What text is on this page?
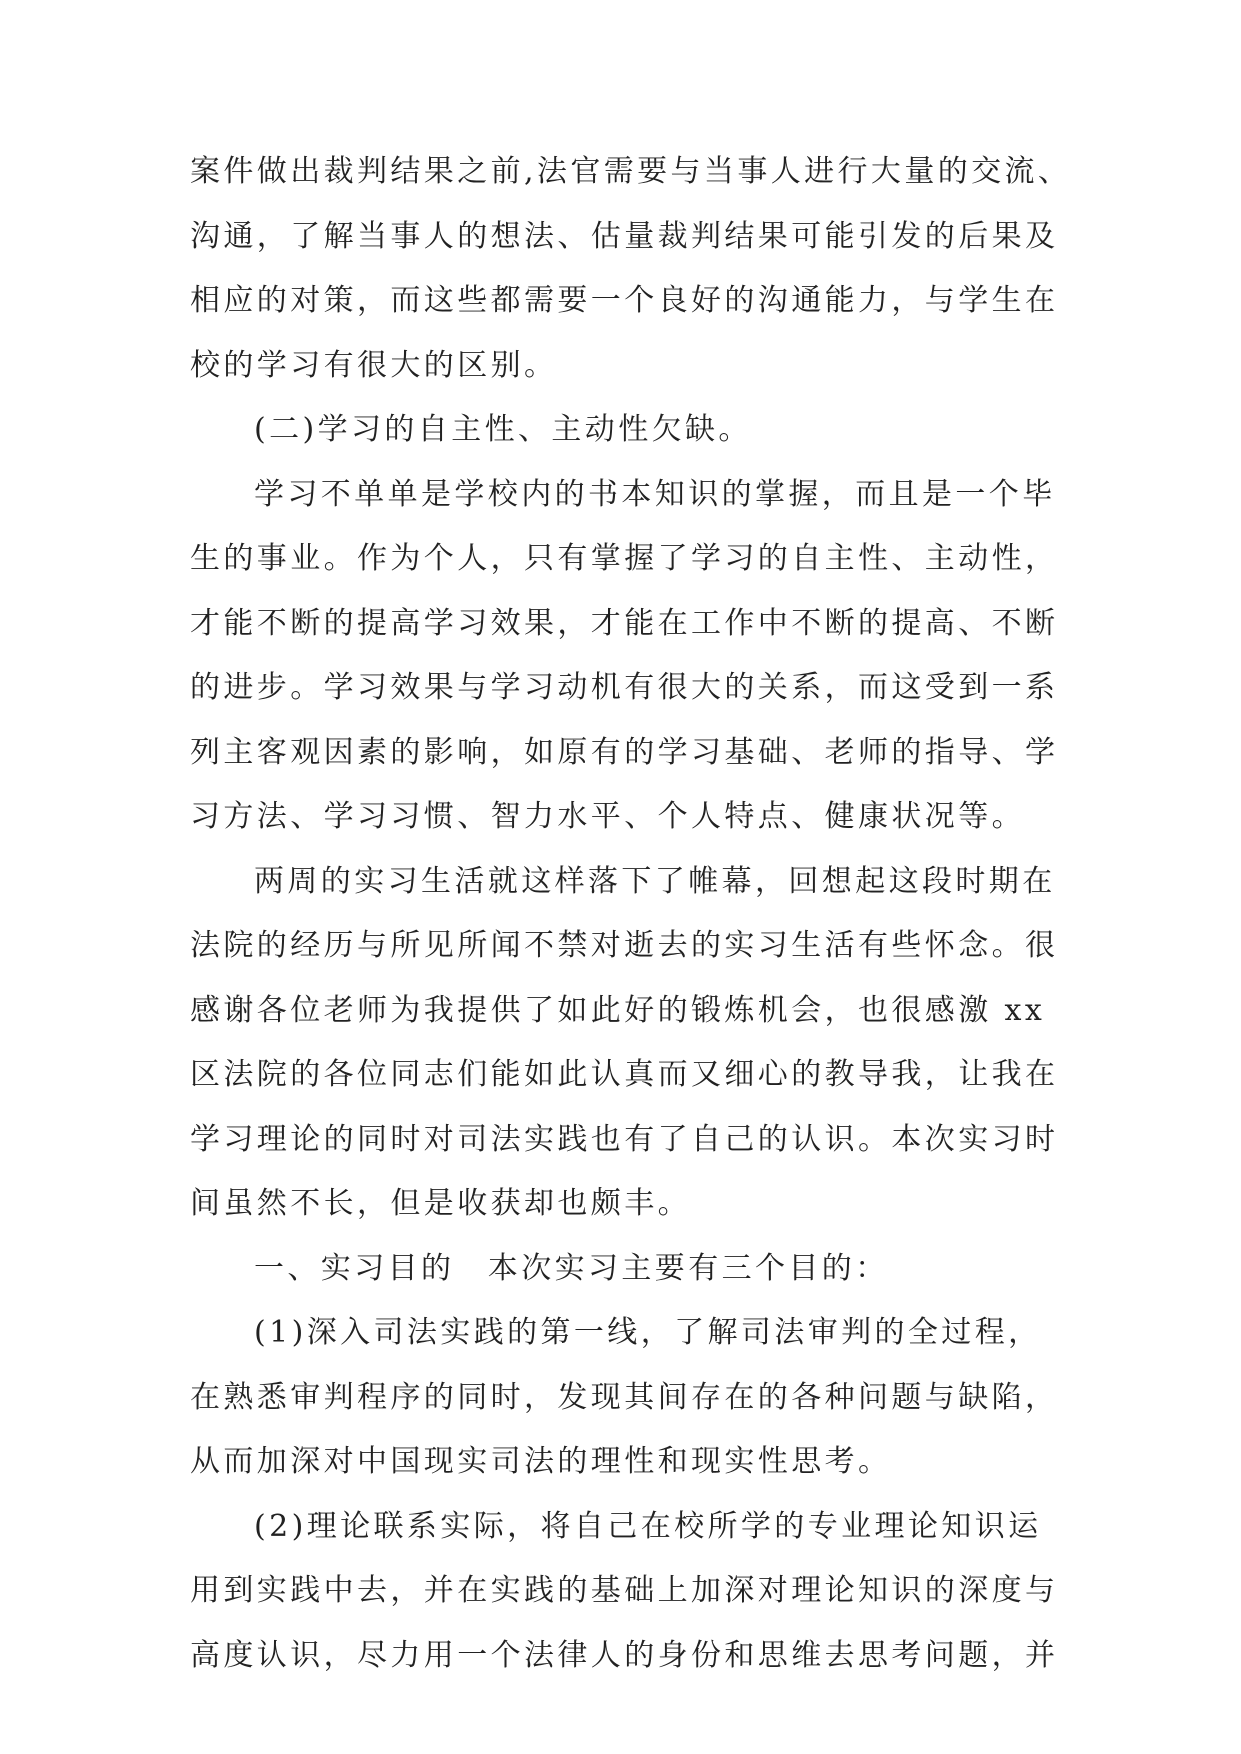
案件做出裁判结果之前,法官需要与当事人进行大量的交流、
沟通，了解当事人的想法、估量裁判结果可能引发的后果及
相应的对策，而这些都需要一个良好的沟通能力，与学生在
校的学习有很大的区别。
(二)学习的自主性、主动性欠缺。
学习不单单是学校内的书本知识的掌握，而且是一个毕
生的事业。作为个人，只有掌握了学习的自主性、主动性，
才能不断的提高学习效果，才能在工作中不断的提高、不断
的进步。学习效果与学习动机有很大的关系，而这受到一系
列主客观因素的影响，如原有的学习基础、老师的指导、学
习方法、学习习惯、智力水平、个人特点、健康状况等。
两周的实习生活就这样落下了帷幕，回想起这段时期在
法院的经历与所见所闻不禁对逝去的实习生活有些怀念。很
感谢各位老师为我提供了如此好的锻炼机会，也很感激 xx
区法院的各位同志们能如此认真而又细心的教导我，让我在
学习理论的同时对司法实践也有了自己的认识。本次实习时
间虽然不长，但是收获却也颇丰。
一、实习目的　本次实习主要有三个目的：
(1)深入司法实践的第一线，了解司法审判的全过程，
在熟悉审判程序的同时，发现其间存在的各种问题与缺陷，
从而加深对中国现实司法的理性和现实性思考。
(2)理论联系实际，将自己在校所学的专业理论知识运
用到实践中去，并在实践的基础上加深对理论知识的深度与
高度认识，尽力用一个法律人的身份和思维去思考问题，并
